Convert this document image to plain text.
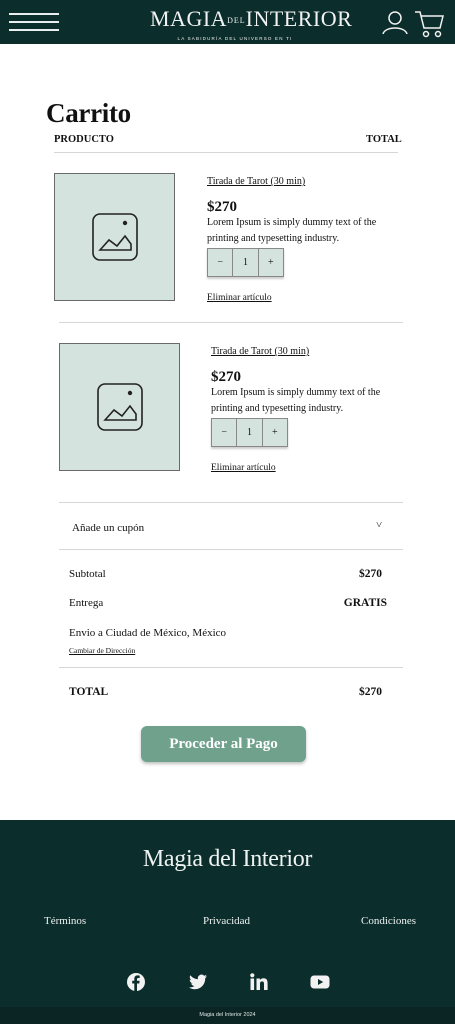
MAGIADELINTERIOR
LA SABIDURÍA DEL UNIVERSO EN TI
Carrito
PRODUCTO	TOTAL
Tirada de Tarot (30 min)
$270
Lorem Ipsum is simply dummy text of the printing and typesetting industry.
−	1	+
Eliminar artículo
Tirada de Tarot (30 min)
$270
Lorem Ipsum is simply dummy text of the printing and typesetting industry.
−	1	+
Eliminar artículo
Añade un cupón	˅
Subtotal	$270
Entrega	GRATIS
Envio a Ciudad de México, México
Cambiar de Dirección
TOTAL	$270
Proceder al Pago
Magia del Interior
Términos	Privacidad	Condiciones
Magia del Interior 2024
